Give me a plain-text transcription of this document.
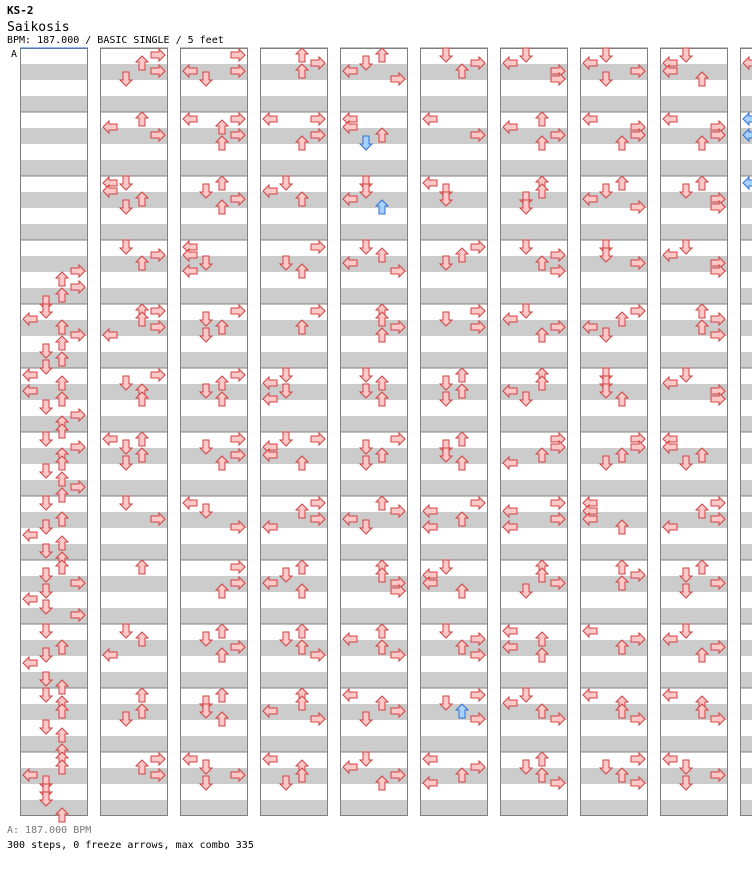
KS-2
Saikosis
BPM: 187.000 / BASIC SINGLE / 5 feet
A
A: 187.000 BPM
300 steps, 0 freeze arrows, max combo 335
